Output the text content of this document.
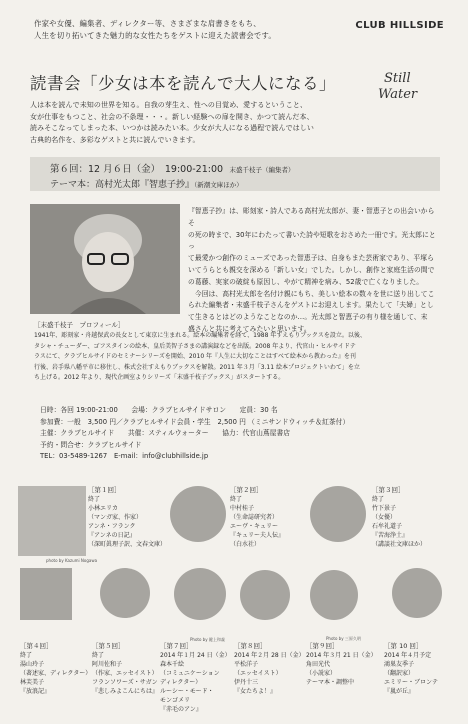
作家や女優、編集者、ディレクター等、さまざまな肩書きをもち、
人生を切り拓いてきた魅力的な女性たちをゲストに迎えた読書会です。
CLUB HILLSIDE
読書会「少女は本を読んで大人になる」	Still
Water
人は本を読んで未知の世界を知る。自我の芽生え、性への目覚め、愛するということ、
女が仕事をもつこと、社会の不条理・・・。新しい経験への扉を開き、かつて読んだ本、
読みそこなってしまった本、いつかは読みたい本。少女が大人になる過程で読んではしい
古典的名作を、多彩なゲストと共に読んでいきます。
第６回：12 月６日（金）　19:00-21:00　末盛千枝子（編集者）
テーマ本：高村光太郎『智恵子抄』（新潮文庫ほか）
『智恵子抄』は、彫刻家・詩人である高村光太郎が、妻・智恵子との出会いからそ
の死の時まで、30年にわたって書いた詩や短歌をおさめた一冊です。光太郎にとっ
て最愛かつ創作のミューズであった智恵子は、自身もまた芸術家であり、平塚ら
いてうらとも親交を深める「新しい女」でした。しかし、創作と家庭生活の間で
の葛藤、実家の破綻も原因し、やがて精神を病み、52歳で亡くなりました。
　今回は、高村光太郎を名付け親にもち、美しい絵本の数々を世に送り出してこ
られた編集者・末盛千枝子さんをゲストにお迎えします。果たして「夫婦」とし
て生きるとはどのようなことなのか…。光太郎と智恵子の有り様を通して、末
盛さんと共に考えてみたいと思います。
［末盛千枝子　プロフィール］
1941年、彫刻家・舟越保武の長女として東京に生まれる。絵本の編集者を経て、1988 年すえもりブックスを設立。以後、
タシャ・チューダー、ゴフスタインの絵本、皇后美智子さまの講演録などを出版。2008 年より、代官山・ヒルサイドテ
ラスにて、クラブヒルサイドのセミナーシリーズを開始、2010 年『人生に大切なことはすべて絵本から教わった』を刊
行後、岩手県八幡平市に移住し、株式会社すえもりブックスを解散。2011 年３月「3.11 絵本プロジェクトいわて」を立
ち上げる。2012 年より、現代企画室よりシリーズ「末盛千枝子ブックス」がスタートする。
日時：各回 19:00-21:00　　会場：クラブヒルサイドサロン　　定員：30 名
参加費：一般　3,500 円／クラブヒルサイド会員・学生　2,500 円 （ミニサンドウィッチ＆紅茶付）
主催：クラブヒルサイド　　共催：スティルウォーター　　協力：代官山蔦屋書店
予約・問合せ：クラブヒルサイド
TEL：03-5489-1267　E-mail：info@clubhillside.jp
photo by Kazumi Nogawa
［第１回］
終了
小林エリカ
（マンガ家、作家）
アンネ・フランク
『アンネの日記』
（深町眞理子訳、文春文庫）
［第２回］
終了
中村桂子
（生命誌研究者）
エーヴ・キュリー
『キュリー夫人伝』
（白水社）
［第３回］
終了
竹下景子
（女優）
石牟礼道子
『苦海浄土』
（講談社文庫ほか）
Photo by 鍵上和義	Photo by 三原久明
［第４回］
終了
湯山玲子
（著述家、ディレクター）
林芙美子
『放浪記』
［第５回］
終了
阿川佐和子
（作家、エッセイスト）
フランソワーズ・サガン
『悲しみよこんにちは』
［第７回］
2014 年１月 24 日（金）
森本千絵
（コミュニケーション
ディレクター）
ルーシー・モード・
モンゴメリ
『赤毛のアン』
［第８回］
2014 年２月 28 日（金）
平松洋子
（エッセイスト）
伊丹十三
『女たちよ！』
［第９回］
2014 年３月 21 日（金）
角田光代
（小説家）
テーマ本・調整中
［第 10 回］
2014 年４月予定
鴻巣友季子
（翻訳家）
エミリー・ブロンテ
『嵐が丘』
